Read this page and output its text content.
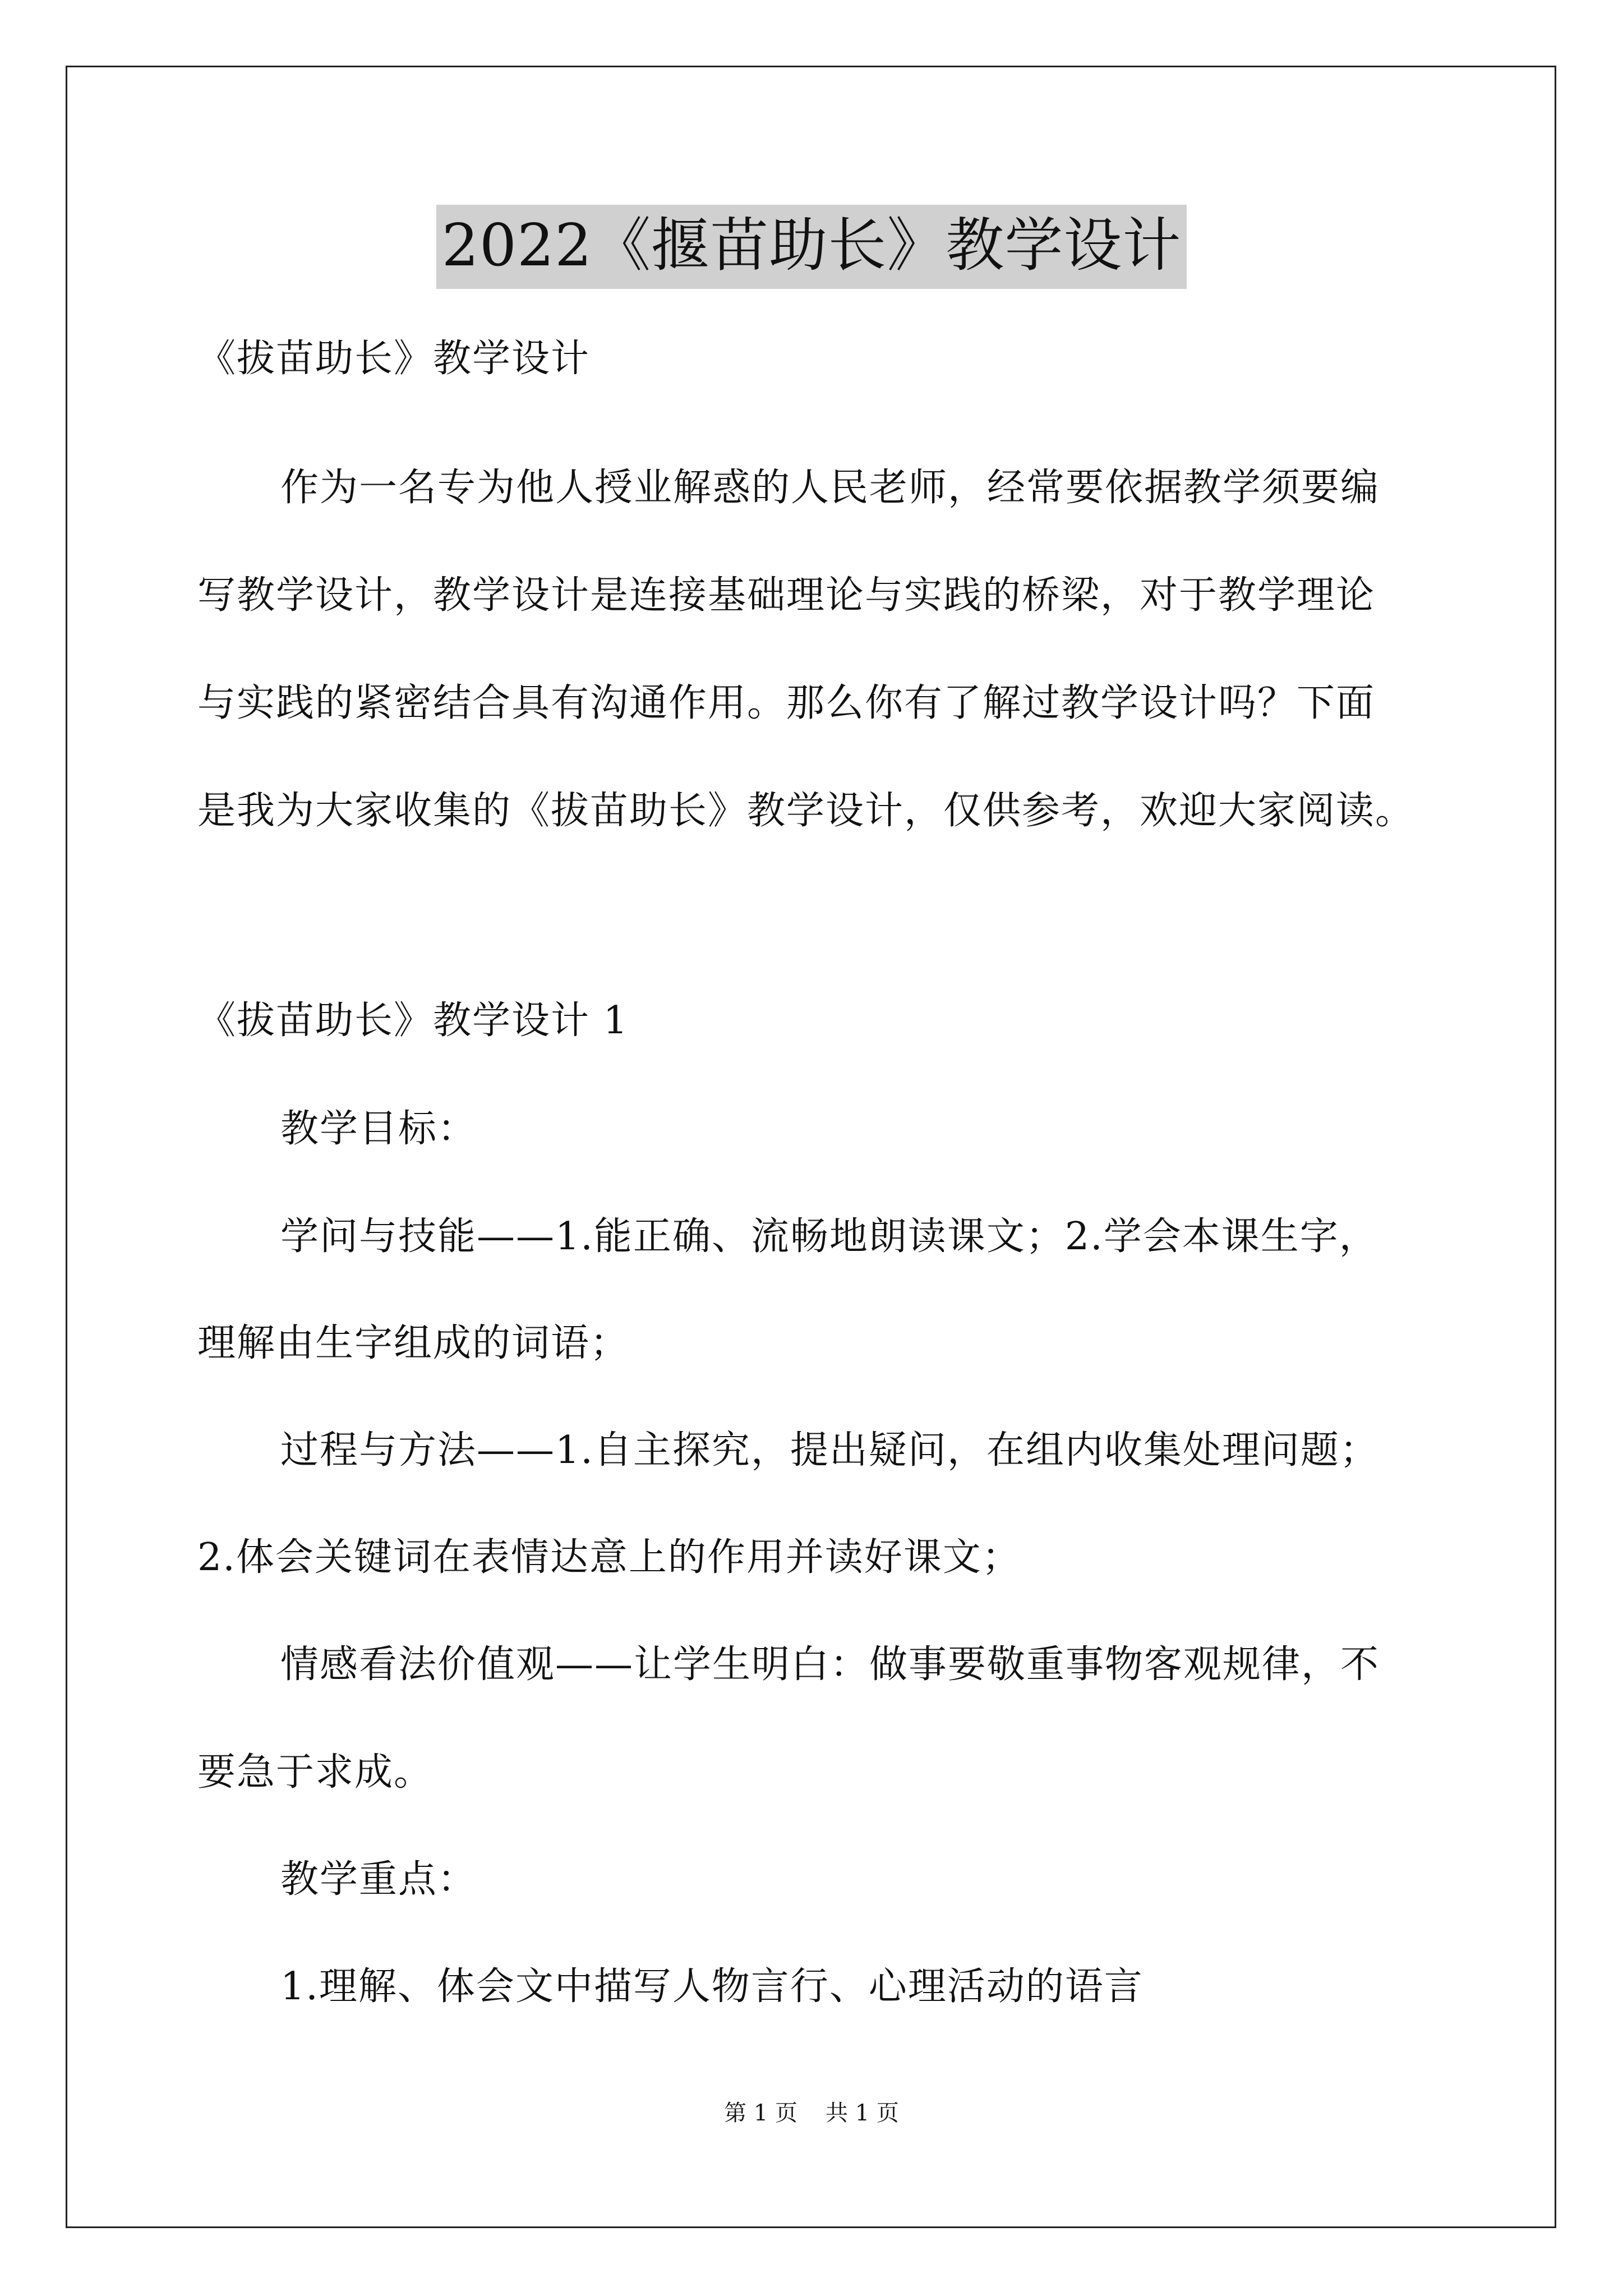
2022《揠苗助长》教学设计
《拔苗助长》教学设计
作为一名专为他人授业解惑的人民老师，经常要依据教学须要编
写教学设计，教学设计是连接基础理论与实践的桥梁，对于教学理论
与实践的紧密结合具有沟通作用。那么你有了解过教学设计吗？下面
是我为大家收集的《拔苗助长》教学设计，仅供参考，欢迎大家阅读。
《拔苗助长》教学设计 1
教学目标：
学问与技能——1.能正确、流畅地朗读课文；2.学会本课生字，
理解由生字组成的词语；
过程与方法——1.自主探究，提出疑问，在组内收集处理问题；
2.体会关键词在表情达意上的作用并读好课文；
情感看法价值观——让学生明白：做事要敬重事物客观规律，不
要急于求成。
教学重点：
1.理解、体会文中描写人物言行、心理活动的语言
第 1 页 共 1 页
